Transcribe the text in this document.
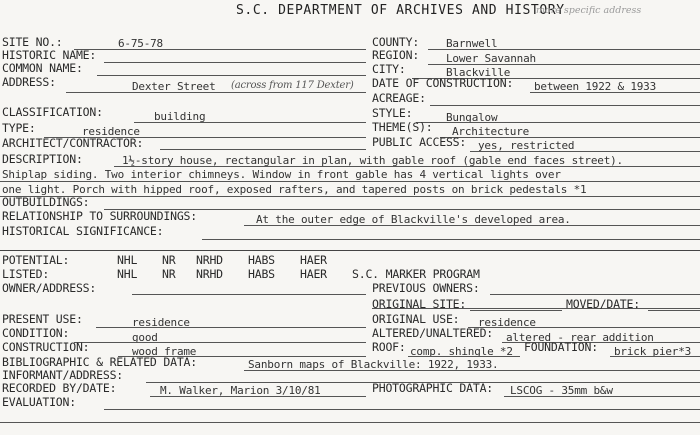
S.C. DEPARTMENT OF ARCHIVES AND HISTORY
more specific address
SITE NO.:	6-75-78
HISTORIC NAME:
COMMON NAME:
ADDRESS:	Dexter Street (across from 117 Dexter)
COUNTY: Barnwell
REGION: Lower Savannah
CITY:	Blackville
DATE OF CONSTRUCTION: between 1922 & 1933
ACREAGE:
CLASSIFICATION:	building
TYPE:	residence
ARCHITECT/CONTRACTOR:
STYLE:	Bungalow
THEME(S): Architecture
PUBLIC ACCESS: yes, restricted
DESCRIPTION:	1½-story house, rectangular in plan, with gable roof (gable end faces street).
Shiplap siding. Two interior chimneys. Window in front gable has 4 vertical lights over
one light. Porch with hipped roof, exposed rafters, and tapered posts on brick pedestals *1
OUTBUILDINGS:
RELATIONSHIP TO SURROUNDINGS:	At the outer edge of Blackville's developed area.
HISTORICAL SIGNIFICANCE:
POTENTIAL:	NHL NR NRHD HABS HAER
LISTED:	NHL NR NRHD HABS HAER S.C. MARKER PROGRAM
OWNER/ADDRESS:	PREVIOUS OWNERS:
ORIGINAL SITE:	MOVED/DATE:
PRESENT USE:	residence
CONDITION:	good
CONSTRUCTION:	wood frame
ORIGINAL USE: residence
ALTERED/UNALTERED: altered - rear addition
ROOF: comp. shingle *2 FOUNDATION: brick pier*3
BIBLIOGRAPHIC & RELATED DATA:	Sanborn maps of Blackville: 1922, 1933.
INFORMANT/ADDRESS:
RECORDED BY/DATE:	M. Walker, Marion 3/10/81	PHOTOGRAPHIC DATA: LSCOG - 35mm b&w
EVALUATION:
